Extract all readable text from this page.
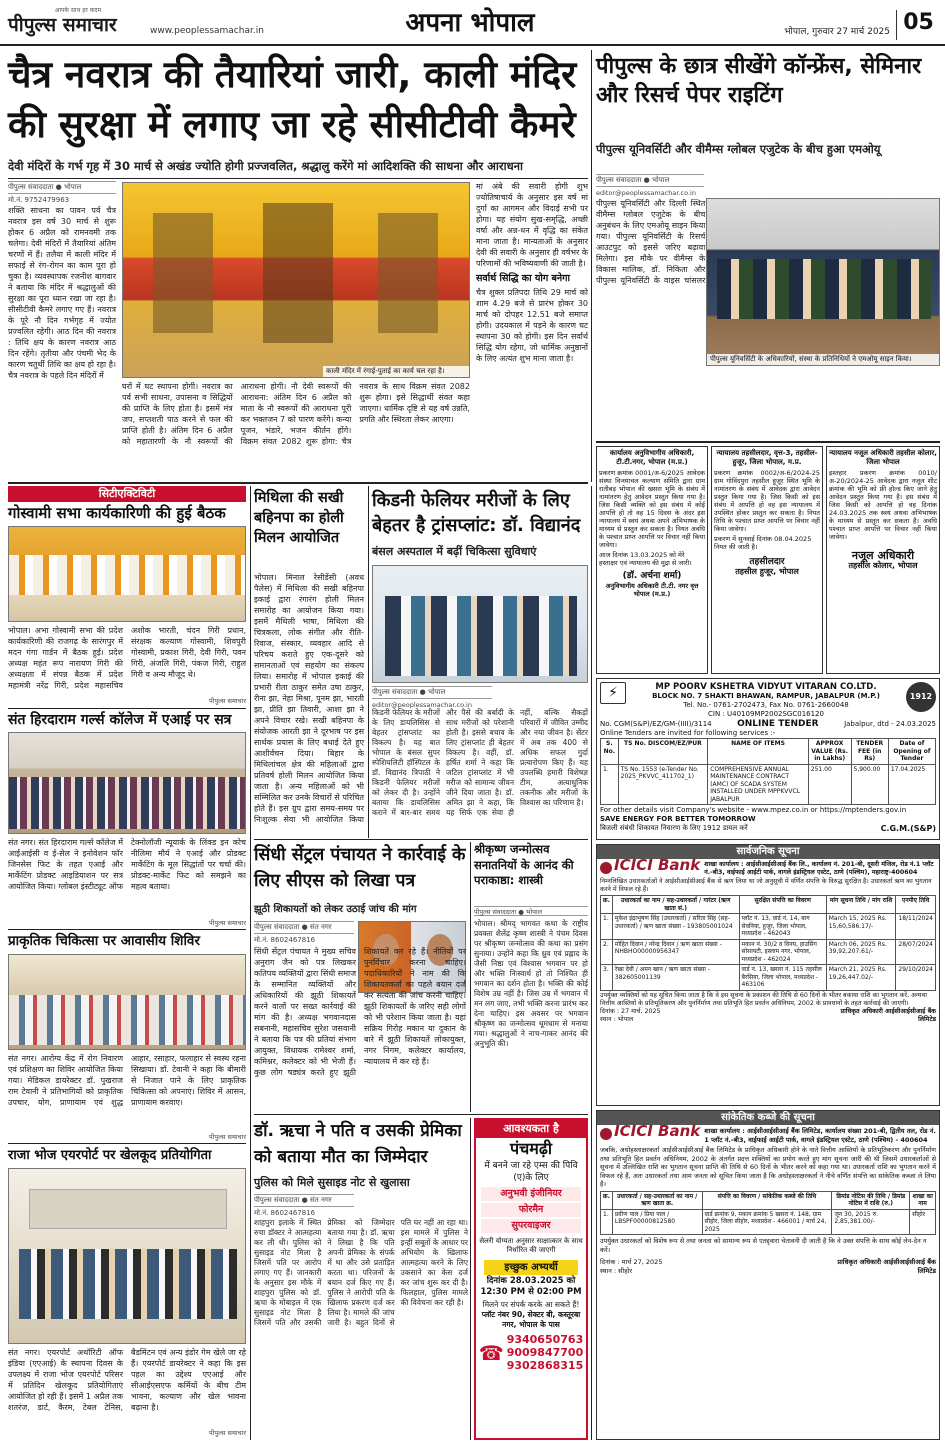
आपके साथ हर कदम
पीपुल्स समाचार	www.peoplessamachar.in	अपना भोपाल	भोपाल, गुरुवार 27 मार्च 2025 05
चैत्र नवरात्र की तैयारियां जारी, काली मंदिर की सुरक्षा में लगाए जा रहे सीसीटीवी कैमरे
देवी मंदिरों के गर्भ गृह में 30 मार्च से अखंड ज्योति होगी प्रज्जवलित, श्रद्धालु करेंगे मां आदिशक्ति की साधना और आराधना
पीपुल्स संवाददाता ● भोपाल
मो.नं. 9752479963
शक्ति साधना का पावन पर्व चैत्र नवरात्र इस वर्ष 30 मार्च से शुरू होकर 6 अप्रैल को रामनवमी तक चलेगा। देवी मंदिरों में तैयारियां अंतिम चरणों में हैं। तलैया में काली मंदिर में सफाई से रंग-रोगन का काम पूरा हो चुका है। व्यवस्थापक रजनीश बागवार ने बताया कि मंदिर में श्रद्धालुओं की सुरक्षा का पूरा ध्यान रखा जा रहा है। सीसीटीवी कैमरे लगाए गए हैं। नवरात्र के पूरे नौ दिन गर्भगृह में ज्योत प्रज्वलित रहेगी। आठ दिन की नवरात्र : तिथि क्षय के कारण नवरात्र आठ दिन रहेंगे। तृतीया और पंचमी भेद के कारण चतुर्थी तिथि का क्षय हो रहा है। चैत्र नवरात्र के पहले दिन मंदिरों में	काली मंदिर में रंगाई-पुताई का कार्य चल रहा है।
घरों में घट स्थापना होगी। नवरात्र का पर्व सभी साधना, उपासना व सिद्धियों की प्राप्ति के लिए होता है। इसमें मंत्र जप, सप्तशती पाठ करने से फल की प्राप्ति होती है। अंतिम दिन 6 अप्रैल को महातारणी के नौ स्वरूपों की आराधना होगी। नौ देवी स्वरूपों की आराधना: अंतिम दिन 6 अप्रैल को माता के नौ स्वरूपों की आराधना पूरी कर भक्तजन 7 को पारण करेंगे। कन्या पूजन, भंडारे, भजन कीर्तन होंगे। विक्रम संवत 2082 शुरू होगा: चैत्र नवरात्र के साथ विक्रम संवत 2082 शुरू होगा। इसे सिद्धार्थी संवत कहा जाएगा। धार्मिक दृष्टि से यह वर्ष उन्नति, प्रगति और स्थिरता लेकर आएगा।
मां अंबे की सवारी होगी शुभ ज्योतिषाचार्य के अनुसार इस वर्ष मां दुर्गा का आगमन और विदाई सभी पर होगा। यह संयोग सुख-समृद्धि, अच्छी वर्षा और अन्न-धन में वृद्धि का संकेत माना जाता है। मान्यताओं के अनुसार देवी की सवारी के अनुसार ही वर्षभर के परिणामों की भविष्यवाणी की जाती है।
सर्वार्थ सिद्धि का योग बनेगा
चैत्र शुक्ल प्रतिपदा तिथि 29 मार्च को शाम 4.29 बजे से प्रारंभ होकर 30 मार्च को दोपहर 12.51 बजे समाप्त होगी। उदयकाल में पड़ने के कारण घट स्थापना 30 को होगी। इस दिन सर्वार्थ सिद्धि योग रहेगा, जो धार्मिक अनुष्ठानों के लिए अत्यंत शुभ माना जाता है।
पीपुल्स के छात्र सीखेंगे कॉन्फ्रेंस, सेमिनार और रिसर्च पेपर राइटिंग
पीपुल्स यूनिवर्सिटी और वीमैम्स ग्लोबल एजुटेक के बीच हुआ एमओयू
पीपुल्स संवाददाता ● भोपाल
editor@peoplessamachar.co.in
पीपुल्स यूनिवर्सिटी और दिल्ली स्थित वीमैम्स ग्लोबल एजुटेक के बीच अनुबंधन के लिए एमओयू साइन किया गया। पीपुल्स यूनिवर्सिटी के रिसर्च आउटपुट को इससे जरिए बढ़ावा मिलेगा। इस मौके पर वीमैम्स के विकास मालिक, डॉ. निकिता और पीपुल्स यूनिवर्सिटी के वाइस चांसलर
पीपुल्स यूनिवर्सिटी के अधिकारियों, संस्था के प्रतिनिधियों ने एमओयू साइन किया।
कार्यालय अनुविभागीय अधिकारी, टी.टी.नगर, भोपाल (म.प्र.)
प्रकरण क्रमांक 0001/अ-6/2025 आवेदक संस्था विन्ध्याचल कल्याण समिति द्वारा ग्राम रातीबड़ भोपाल की खसरा भूमि के संबंध में नामांतरण हेतु आवेदन प्रस्तुत किया गया है। जिस किसी व्यक्ति को इस संबंध में कोई आपत्ति हो तो वह 15 दिवस के अंदर इस न्यायालय में स्वयं अथवा अपने अभिभाषक के माध्यम से प्रस्तुत कर सकता है। नियत अवधि के पश्चात प्राप्त आपत्ति पर विचार नहीं किया जावेगा।
आज दिनांक 13.03.2025 को मेरे हस्ताक्षर एवं न्यायालय की मुद्रा से जारी।
(डॉ. अर्चना शर्मा)
अनुविभागीय अधिकारी टी.टी. नगर वृत्त भोपाल (म.प्र.)
न्यायालय तहसीलदार, वृत्त-3, तहसील-हुजूर, जिला भोपाल, म.प्र.
प्रकरण क्रमांक 0002/अ-6/2024-25 ग्राम गोविंदपुरा तहसील हुजूर स्थित भूमि के नामांतरण के संबंध में आवेदक द्वारा आवेदन प्रस्तुत किया गया है। जिस किसी को इस संबंध में आपत्ति हो वह इस न्यायालय में उपस्थित होकर प्रस्तुत कर सकता है। नियत तिथि के पश्चात प्राप्त आपत्ति पर विचार नहीं किया जावेगा।
प्रकरण में सुनवाई दिनांक 08.04.2025 नियत की जाती है।
तहसीलदार
तहसील हुजूर, भोपाल
न्यायालय नजूल अधिकारी तहसील कोलार, जिला भोपाल
इश्तहार प्रकरण क्रमांक 0010/अ-20/2024-25 आवेदक द्वारा नजूल शीट क्रमांक की भूमि को फ्री होल्ड किए जाने हेतु आवेदन प्रस्तुत किया गया है। इस संबंध में जिस किसी को आपत्ति हो वह दिनांक 24.03.2025 तक स्वयं अथवा अभिभाषक के माध्यम से प्रस्तुत कर सकता है। अवधि पश्चात प्राप्त आपत्ति पर विचार नहीं किया जावेगा।
नजूल अधिकारी
तहसील कोलार, भोपाल
⚡	MP POORV KSHETRA VIDYUT VITARAN CO.LTD.
BLOCK NO. 7 SHAKTI BHAWAN, RAMPUR, JABALPUR (M.P.)
Tel. No.- 0761-2702473, Fax No. 0761-2660048
CIN : U40109MP2002SGC016120
1912
No. CGM(S&P)/EZ/GM-(IIII)/3114	ONLINE TENDER	Jabalpur, dtd - 24.03.2025
Online Tenders are invited for following services :-
S. No.	TS No. DISCOM/EZ/PUR	NAME OF ITEMS	APPROX VALUE (Rs. in Lakhs)	TENDER FEE (in Rs)	Date of Opening of Tender
1.	TS No. 1553 (e-Tender No. 2025_PKVVC_411702_1)	COMPREHENSIVE ANNUAL MAINTENANCE CONTRACT (AMC) OF SCADA SYSTEM INSTALLED UNDER MPPKVVCL JABALPUR	251.00	5,900.00	17.04.2025
For other details visit Company's website - www.mpez.co.in or https://mptenders.gov.in
SAVE ENERGY FOR BETTER TOMORROW
बिजली संबंधी शिकायत निवारण के लिए 1912 डायल करें	C.G.M.(S&P)
सार्वजनिक सूचना
ICICI Bank शाखा कार्यालय : आईसीआईसीआई बैंक लि., कार्यालय नं. 201-बी, दूसरी मंजिल, रोड नं.1 प्लॉट नं.-बी3, वाईफाई आईटी पार्क, वागले इंडस्ट्रियल एस्टेट, ठाणे (पश्चिम), महाराष्ट्र-400604
निम्नलिखित उधारकर्ताओं ने आईसीआईसीआई बैंक से ऋण लिया था जो अनुसूची में वर्णित संपत्ति के विरुद्ध सुरक्षित है। उधारकर्ता ऋण का भुगतान करने में विफल रहे हैं।
क्र.	उधारकर्ता का नाम / सह-उधारकर्ता / गारंटर (ऋण खाता सं.)	सुरक्षित संपत्ति का विवरण	मांग सूचना तिथि / मांग राशि	एनपीए तिथि
1.	मुकेश इंद्राभूषण सिंह (उधारकर्ता) / सरिता सिंह (सह-उधारकर्ता) / ऋण खाता संख्या - 193805001024	प्लॉट नं. 13, वार्ड नं. 14, बाग सेवनिया, हुजूर, जिला भोपाल, मध्यप्रदेश - 462043	March 15, 2025 Rs. 15,60,586.17/-	18/11/2024
2.	मोहित दिवान / नरेन्द्र दिवान / ऋण खाता संख्या - NHBHO00000956347	मकान नं. 30/2 व विनय, हाउसिंग सोसायटी, इस्लाम नगर, भोपाल, मध्यप्रदेश - 462024	March 06, 2025 Rs. 39,92,207.61/-	28/07/2024
3.	रेखा देवी / अमन खान / ऋण खाता संख्या - 382605001139	वार्ड नं. 13, खसरा नं. 115 तहसील बैरसिया, जिला भोपाल, मध्यप्रदेश - 463106	March 21, 2025 Rs. 19,26,447.02/-	29/10/2024
उपर्युक्त व्यक्तियों को यह सूचित किया जाता है कि वे इस सूचना के प्रकाशन की तिथि से 60 दिनों के भीतर बकाया राशि का भुगतान करें, अन्यथा वित्तीय आस्तियों के प्रतिभूतिकरण और पुनर्निर्माण तथा प्रतिभूति हित प्रवर्तन अधिनियम, 2002 के प्रावधानों के तहत कार्रवाई की जाएगी।
दिनांक : 27 मार्च, 2025
स्थान : भोपाल
प्राधिकृत अधिकारी आईसीआईसीआई बैंक लिमिटेड
सांकेतिक कब्जे की सूचना
ICICI Bank शाखा कार्यालय : आईसीआईसीआई बैंक लिमिटेड, कार्यालय संख्या 201-बी, द्वितीय तल, रोड नं. 1 प्लॉट नं.-बी3, वाईफाई आईटी पार्क, वागले इंडस्ट्रियल एस्टेट, ठाणे (पश्चिम) - 400604
जबकि, अधोहस्ताक्षरकर्ता आईसीआईसीआई बैंक लिमिटेड के प्राधिकृत अधिकारी होने के नाते वित्तीय आस्तियों के प्रतिभूतिकरण और पुनर्निर्माण तथा प्रतिभूति हित प्रवर्तन अधिनियम, 2002 के अंतर्गत प्रदत्त शक्तियों का प्रयोग करते हुए मांग सूचना जारी की थी जिसमें उधारकर्ताओं से सूचना में उल्लिखित राशि का भुगतान सूचना प्राप्ति की तिथि से 60 दिनों के भीतर करने को कहा गया था। उधारकर्ता राशि का भुगतान करने में विफल रहे हैं, अतः उधारकर्ता तथा आम जनता को सूचित किया जाता है कि अधोहस्ताक्षरकर्ता ने नीचे वर्णित संपत्ति का सांकेतिक कब्जा ले लिया है।
क्र.	उधारकर्ता / सह-उधारकर्ता का नाम / ऋण खाता क्र.	संपत्ति का विवरण / सांकेतिक कब्जे की तिथि	डिमांड नोटिस की तिथि / डिमांड नोटिस में राशि (रु.)	शाखा का नाम
1.	प्रवीण पाल / प्रिया पाल / LBSPF00000812580	वार्ड क्रमांक 9, मकान क्रमांक 5 खसरा नं. 148, ग्राम सीहोर, जिला सीहोर, मध्यप्रदेश - 466001 / मार्च 24, 2025	जून 30, 2015 रु. 2,85,381.00/-	सीहोर
उपर्युक्त उधारकर्ता को विशेष रूप से तथा जनता को सामान्य रूप से एतद्द्वारा चेतावनी दी जाती है कि वे उक्त संपत्ति के साथ कोई लेन-देन न करें।
दिनांक : मार्च 27, 2025
स्थान : सीहोर
प्राधिकृत अधिकारी आईसीआईसीआई बैंक लिमिटेड
सिटीएक्टिविटी
गोस्वामी सभा कार्यकारिणी की हुई बैठक
भोपाल। अभा गोस्वामी सभा की प्रदेश कार्यकारिणी की राजगढ़ के सारंगपुर में मदन गंगा गार्डन में बैठक हुई। प्रदेश अध्यक्ष महंत रूप नारायण गिरी की अध्यक्षता में संपन्न बैठक में प्रदेश महामंत्री नरेंद्र गिरी, प्रदेश महासचिव अशोक भारती, चंदन गिरी प्रधान, संरक्षक कल्याण गोस्वामी, शिवपुरी गोस्वामी, प्रकाश गिरी, देवी गिरी, पवन गिरी, अंजलि गिरी, पंकज गिरी, राहुल गिरी व अन्य मौजूद थे।
पीपुल्स समाचार
संत हिरदाराम गर्ल्स कॉलेज में एआई पर सत्र
संत नगर। संत हिरदाराम गर्ल्स कॉलेज में आईआईसी व ई-सेल ने इनोवेशन फॉर जिनसेस फिट के तहत एआई और मार्केटिंग प्रोडक्ट आइडियाशन पर सत्र आयोजित किया। ग्लोबल इंस्टीट्यूट ऑफ टेक्नोलॉजी न्यूयार्क के लिंक्ड इन कोच नीलिमा मौर्य ने एआई और प्रोडक्ट मार्केटिंग के मूल सिद्धांतों पर चर्चा की। प्रोडक्ट-मार्केट फिट को समझने का महत्व बताया।
पीपुल्स समाचार
प्राकृतिक चिकित्सा पर आवासीय शिविर
संत नगर। आरोग्य केंद्र में रोग निवारण एवं प्रशिक्षण का शिविर आयोजित किया गया। मेडिकल डायरेक्टर डॉ. पुखराज राम टेवानी ने प्रतिभागियों को प्राकृतिक उपचार, योग, प्राणायाम एवं शुद्ध आहार, रसाहार, फलाहार से स्वस्थ रहना सिखाया। डॉ. टेवानी ने कहा कि बीमारी से निजात पाने के लिए प्राकृतिक चिकित्सा को अपनाएं। शिविर में आसन, प्राणायाम करवाए।
पीपुल्स समाचार
राजा भोज एयरपोर्ट पर खेलकूद प्रतियोगिता
संत नगर। एयरपोर्ट अथॉरिटी ऑफ इंडिया (एएआई) के स्थापना दिवस के उपलक्ष्य में राजा भोज एयरपोर्ट परिसर में प्रतिदिन खेलकूद प्रतियोगिताएं आयोजित हो रही हैं। इसमें 1 अप्रैल तक शतरंज, डार्ट, कैरम, टेबल टेनिस, बैडमिंटन एवं अन्य इंडोर गेम खेले जा रहे हैं। एयरपोर्ट डायरेक्टर ने कहा कि इस पहल का उद्देश्य एएआई और सीआईएसएफ कर्मियों के बीच टीम भावना, कल्याण और खेल भावना बढ़ाना है।
पीपुल्स समाचार
मिथिला की सखी बहिनपा का होली मिलन आयोजित
भोपाल। मिनाल रेसीडेंसी (अवध पैलेस) में मिथिला की सखी बहिनपा इकाई द्वारा रंगारंग होली मिलन समारोह का आयोजन किया गया। इसमें मैथिली भाषा, मिथिला की चित्रकला, लोक संगीत और रीति-रिवाज, संस्कार, व्यवहार आदि से परिचय कराते हुए एक-दूसरे को समानताओं एवं सहयोग का संकल्प लिया। समारोह में भोपाल इकाई की प्रभारी रीता ठाकुर समेत उषा ठाकुर, रीना झा, नेहा मिश्रा, पूनम झा, भारती झा, प्रीति झा तिवारी, आशा झा ने अपने विचार रखे। सखी बहिनपा के संयोजक आरती झा ने दूरभाष पर इस सार्थक प्रयास के लिए बधाई देते हुए आशीर्वचन दिया। बिहार के मिथिलांचल क्षेत्र की महिलाओं द्वारा प्रतिवर्ष होली मिलन आयोजित किया जाता है। अन्य महिलाओं को भी सम्मिलित कर उनके विचारों से परिचित होते हैं। इस ग्रुप द्वारा समय-समय पर निःशुल्क सेवा भी आयोजित किया
किडनी फेलियर मरीजों के लिए बेहतर है ट्रांसप्लांट: डॉ. विद्यानंद
बंसल अस्पताल में बढ़ीं चिकित्सा सुविधाएं
पीपुल्स संवाददाता ● भोपाल
editor@peoplessamachar.co.in
किडनी फेलियर के मरीजों के लिए डायलिसिस से बेहतर ट्रांसप्लांट का विकल्प है। यह बात भोपाल के बंसल सुपर स्पेशियलिटी हॉस्पिटल के डॉ. विद्यानंद त्रिपाठी ने किडनी फेलियर मरीजों को लेकर दी है। उन्होंने बताया कि डायलिसिस कराने में बार-बार समय और पैसे की बर्बादी के साथ मरीजों को परेशानी होती है। इससे बचाव के लिए ट्रांसप्लांट ही बेहतर विकल्प है। वहीं, डॉ. हर्षित शर्मा ने कहा कि जटिल ट्रांसप्लांट में भी मरीज को सामान्य जीवन जीने दिया जाता है। डॉ. अमित झा ने कहा, कि यह सिर्फ एक सेवा ही नहीं, बल्कि सैकड़ों परिवारों में जीवित उम्मीद और नया जीवन है। सेंटर में अब तक 400 से अधिक सफल गुर्दा प्रत्यारोपण किए हैं। यह उपलब्धि हमारी विशेषज्ञ टीम, अत्याधुनिक तकनीक और मरीजों के विश्वास का परिणाम है।
सिंधी सेंट्रल पंचायत ने कार्रवाई के लिए सीएस को लिखा पत्र
झूठी शिकायतों को लेकर उठाई जांच की मांग
पीपुल्स संवाददाता ● संत नगर
मो.नं. 8602467816
सिंधी सेंट्रल पंचायत ने मुख्य सचिव अनुराग जैन को पत्र लिखकर कतिपय व्यक्तियों द्वारा सिंधी समाज के सम्मानित व्यक्तियों और अधिकारियों की झूठी शिकायतें करने वालों पर सख्त कार्रवाई की मांग की है। अध्यक्ष भगवानदास सबनानी, महासचिव सुरेश जसवानी ने बताया कि पत्र की प्रतियां संभाग आयुक्त, विधायक रामेश्वर शर्मा, कमिश्नर, कलेक्टर को भी भेजी हैं। कुछ लोग षड्यंत्र करते हुए झूठी शिकायतें कर रहे हैं। नीतियों पर पुनर्विचार करना चाहिए। पदाधिकारियों ने नाम की कि शिकायतकर्ता का पहले बयान दर्ज कर सत्यता की जांच करनी चाहिए। झूठी शिकायतों के जरिए सही लोगों को भी परेशान किया जाता है। यहां सक्रिय गिरोह मकान या दुकान के बारे में झूठी शिकायतें लोकायुक्त, नगर निगम, कलेक्टर कार्यालय, न्यायालय में कर रहे हैं।
श्रीकृष्ण जन्मोत्सव सनातनियों के आनंद की पराकाष्ठा: शास्त्री
पीपुल्स संवाददाता ● भोपाल
भोपाल। श्रीमद् भागवत कथा के राष्ट्रीय प्रवक्ता शैलेंद्र कृष्ण शास्त्री ने पंचम दिवस पर श्रीकृष्ण जन्मोत्सव की कथा का प्रसंग सुनाया। उन्होंने कहा कि ध्रुव एवं प्रह्लाद के जैसी निष्ठा एवं विश्वास भगवान पर हो और भक्ति निःस्वार्थ हो तो निश्चित ही भगवान का दर्शन होता है। भक्ति की कोई विशेष उम्र नहीं है। जिस उम्र में भगवान में मन लग जाए, तभी भक्ति करना प्रारंभ कर देना चाहिए। इस अवसर पर भगवान श्रीकृष्ण का जन्मोत्सव धूमधाम से मनाया गया। श्रद्धालुओं ने नाच-गाकर आनंद की अनुभूति की।
डॉ. ऋचा ने पति व उसकी प्रेमिका को बताया मौत का जिम्मेदार
पुलिस को मिले सुसाइड नोट से खुलासा
पीपुल्स संवाददाता ● संत नगर
मो.नं. 8602467816
शाहपुरा इलाके में स्थित रुचा डॉक्टर ने आत्महत्या कर ली थी। पुलिस को सुसाइड नोट मिला है जिसमें पति पर आरोप लगाए गए हैं। जानकारी के अनुसार इस मौके में शाहपुरा पुलिस को डॉ. ऋचा के मोबाइल में एक सुसाइड नोट मिला है जिसमें पति और उसकी प्रेमिका को जिम्मेदार बताया गया है। डॉ. ऋचा ने लिखा है कि पति अपनी प्रेमिका के संपर्क में था और उसे प्रताड़ित करता था। परिजनों के बयान दर्ज किए गए हैं। पुलिस ने आरोपी पति के खिलाफ प्रकरण दर्ज कर लिया है। मामले की जांच जारी है। बहुत दिनों से पति घर नहीं आ रहा था। इस मामले में पुलिस ने इन्हीं सबूतों के आधार पर अभियोग के खिलाफ आत्महत्या करने के लिए उकसाने का केस दर्ज कर जांच शुरू कर दी है। फिलहाल, पुलिस मामले की विवेचना कर रही है।
आवश्यकता है
पंचमढ़ी
में बनने जा रहे एम्स की पिवि (ए)के लिए
अनुभवी इंजीनियर
फोरमैन
सुपरवाइजर
सेलरी योग्यता अनुसार साक्षात्कार के साथ निर्धारित की जाएगी
इच्छुक अभ्यर्थी
दिनांक 28.03.2025 को 12:30 PM से 02:00 PM
मिलने पर संपर्क करके आ सकते हैं!
प्लॉट नंबर 90, सेक्टर बी, कस्तूरबा नगर, भोपाल के पास
☎
9340650763
9009847700
9302868315
